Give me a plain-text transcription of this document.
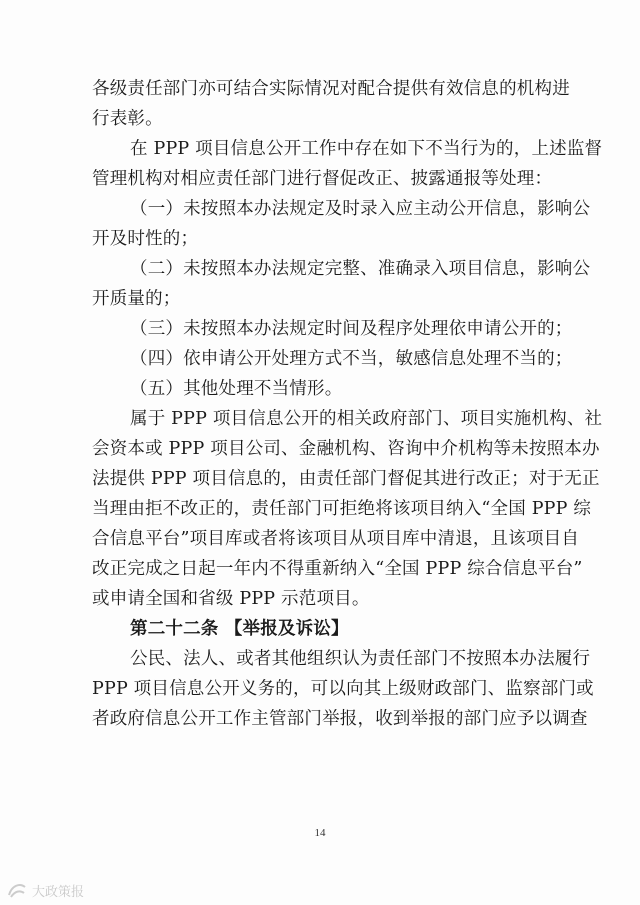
各级责任部门亦可结合实际情况对配合提供有效信息的机构进
行表彰。
在 PPP 项目信息公开工作中存在如下不当行为的，上述监督
管理机构对相应责任部门进行督促改正、披露通报等处理：
（一）未按照本办法规定及时录入应主动公开信息，影响公
开及时性的；
（二）未按照本办法规定完整、准确录入项目信息，影响公
开质量的；
（三）未按照本办法规定时间及程序处理依申请公开的；
（四）依申请公开处理方式不当，敏感信息处理不当的；
（五）其他处理不当情形。
属于 PPP 项目信息公开的相关政府部门、项目实施机构、社
会资本或 PPP 项目公司、金融机构、咨询中介机构等未按照本办
法提供 PPP 项目信息的，由责任部门督促其进行改正；对于无正
当理由拒不改正的，责任部门可拒绝将该项目纳入“全国 PPP 综
合信息平台”项目库或者将该项目从项目库中清退，且该项目自
改正完成之日起一年内不得重新纳入“全国 PPP 综合信息平台”
或申请全国和省级 PPP 示范项目。
第二十二条 【举报及诉讼】
公民、法人、或者其他组织认为责任部门不按照本办法履行
PPP 项目信息公开义务的，可以向其上级财政部门、监察部门或
者政府信息公开工作主管部门举报，收到举报的部门应予以调查
14
大政策报
